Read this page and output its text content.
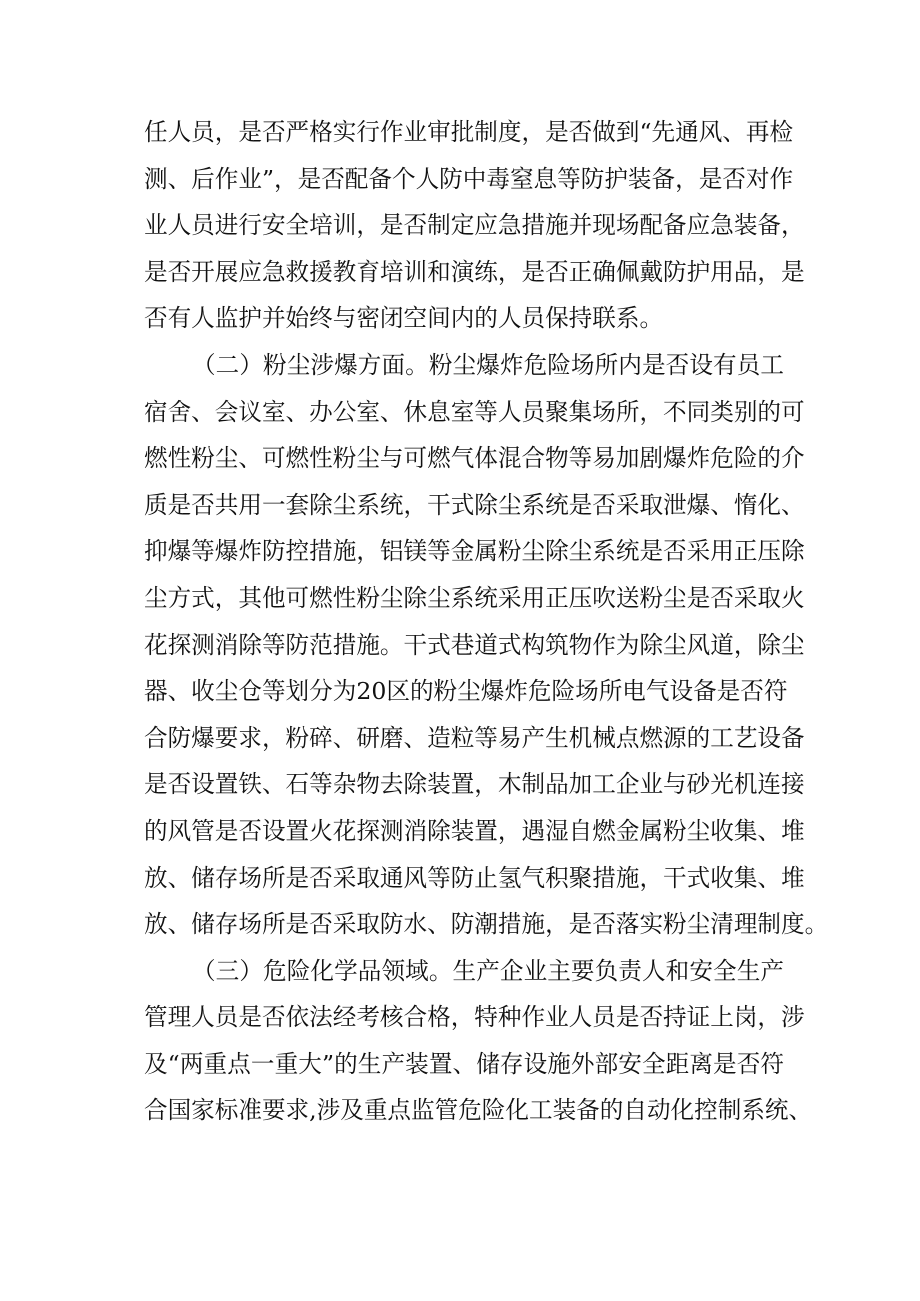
任人员，是否严格实行作业审批制度，是否做到“先通风、再检
测、后作业”，是否配备个人防中毒窒息等防护装备，是否对作
业人员进行安全培训，是否制定应急措施并现场配备应急装备，
是否开展应急救援教育培训和演练，是否正确佩戴防护用品，是
否有人监护并始终与密闭空间内的人员保持联系。
（二）粉尘涉爆方面。粉尘爆炸危险场所内是否设有员工
宿舍、会议室、办公室、休息室等人员聚集场所，不同类别的可
燃性粉尘、可燃性粉尘与可燃气体混合物等易加剧爆炸危险的介
质是否共用一套除尘系统，干式除尘系统是否采取泄爆、惰化、
抑爆等爆炸防控措施，铝镁等金属粉尘除尘系统是否采用正压除
尘方式，其他可燃性粉尘除尘系统采用正压吹送粉尘是否采取火
花探测消除等防范措施。干式巷道式构筑物作为除尘风道，除尘
器、收尘仓等划分为20区的粉尘爆炸危险场所电气设备是否符
合防爆要求，粉碎、研磨、造粒等易产生机械点燃源的工艺设备
是否设置铁、石等杂物去除装置，木制品加工企业与砂光机连接
的风管是否设置火花探测消除装置，遇湿自燃金属粉尘收集、堆
放、储存场所是否采取通风等防止氢气积聚措施，干式收集、堆
放、储存场所是否采取防水、防潮措施，是否落实粉尘清理制度。
（三）危险化学品领域。生产企业主要负责人和安全生产
管理人员是否依法经考核合格，特种作业人员是否持证上岗，涉
及“两重点一重大”的生产装置、储存设施外部安全距离是否符
合国家标准要求,涉及重点监管危险化工装备的自动化控制系统、
